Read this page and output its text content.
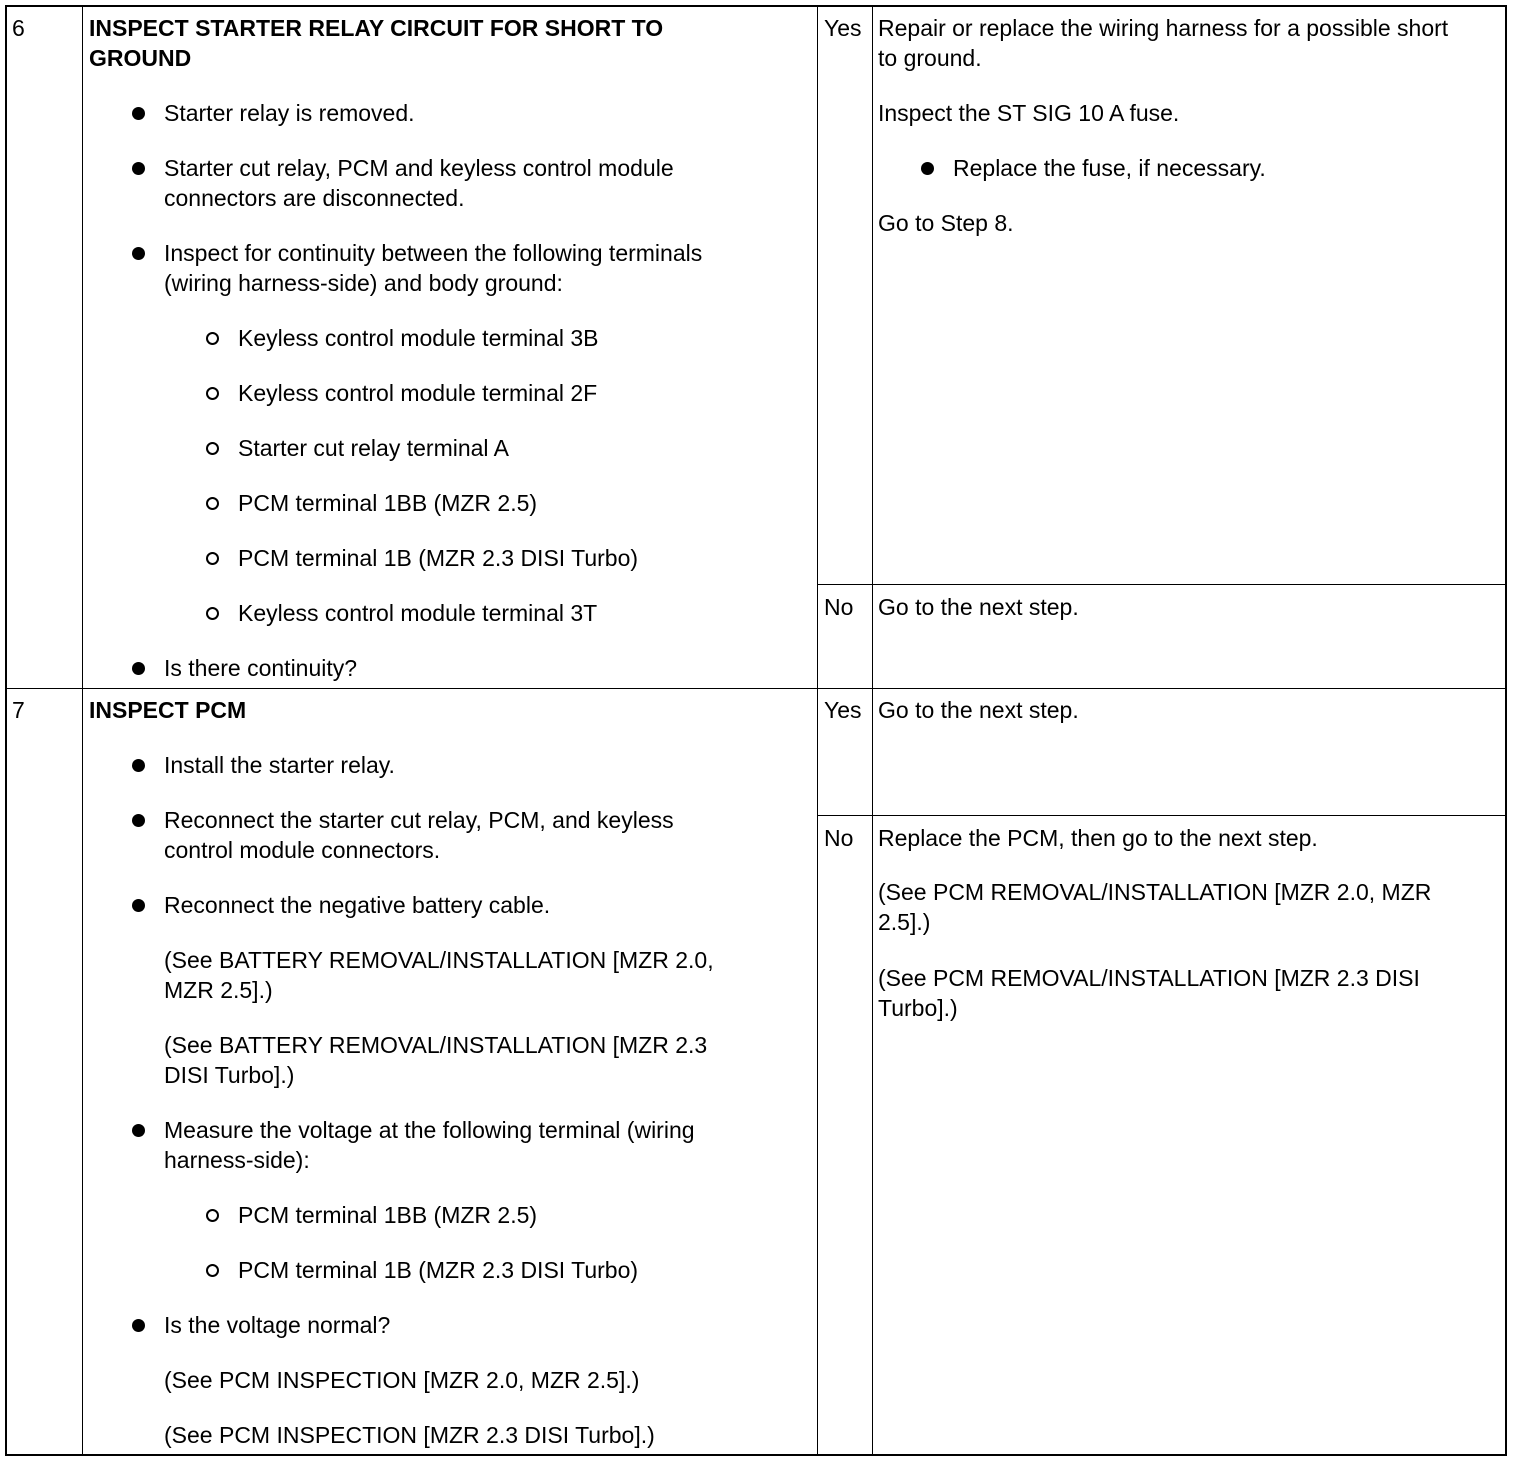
6	INSPECT STARTER RELAY CIRCUIT FOR SHORT TO
GROUND
Starter relay is removed.
Starter cut relay, PCM and keyless control module
connectors are disconnected.
Inspect for continuity between the following terminals
(wiring harness-side) and body ground:
Keyless control module terminal 3B
Keyless control module terminal 2F
Starter cut relay terminal A
PCM terminal 1BB (MZR 2.5)
PCM terminal 1B (MZR 2.3 DISI Turbo)
Keyless control module terminal 3T
Is there continuity?
Yes Repair or replace the wiring harness for a possible short
to ground.
Inspect the ST SIG 10 A fuse.
Replace the fuse, if necessary.
Go to Step 8.
No Go to the next step.
7	INSPECT PCM
Install the starter relay.
Reconnect the starter cut relay, PCM, and keyless
control module connectors.
Reconnect the negative battery cable.
(See BATTERY REMOVAL/INSTALLATION [MZR 2.0,
MZR 2.5].)
(See BATTERY REMOVAL/INSTALLATION [MZR 2.3
DISI Turbo].)
Measure the voltage at the following terminal (wiring
harness-side):
PCM terminal 1BB (MZR 2.5)
PCM terminal 1B (MZR 2.3 DISI Turbo)
Is the voltage normal?
(See PCM INSPECTION [MZR 2.0, MZR 2.5].)
(See PCM INSPECTION [MZR 2.3 DISI Turbo].)
Yes Go to the next step.
No Replace the PCM, then go to the next step.
(See PCM REMOVAL/INSTALLATION [MZR 2.0, MZR
2.5].)
(See PCM REMOVAL/INSTALLATION [MZR 2.3 DISI
Turbo].)
